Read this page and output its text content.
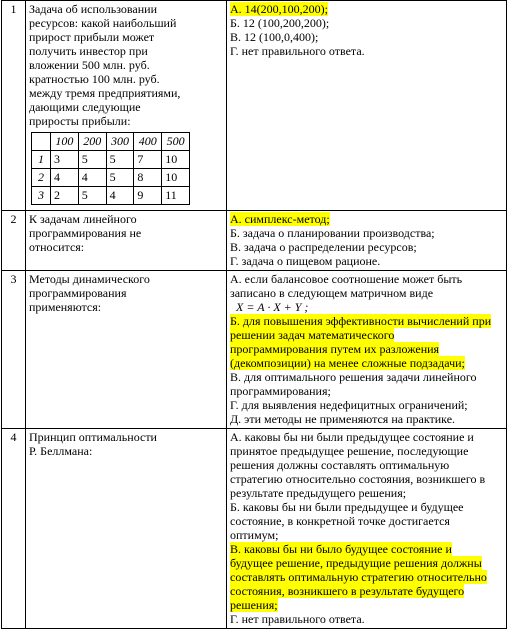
1	Задача об использовании
ресурсов: какой наибольший
прирост прибыли может
получить инвестор при
вложении 500 млн. руб.
кратностью 100 млн. руб.
между тремя предприятиями,
дающими следующие
приросты прибыли:
	100	200	300	400	500
1	3	5	5	7	10
2	4	4	5	8	10
3	2	5	4	9	11

А. 14(200,100,200);
Б. 12 (100,200,200);
В. 12 (100,0,400);
Г. нет правильного ответа.

2	К задачам линейного
программирования не
относится:

А. симплекс-метод;
Б. задача о планировании производства;
В. задача о распределении ресурсов;
Г. задача о пищевом рационе.

3	Методы динамического
программирования
применяются:

А. если балансовое соотношение может быть
записано в следующем матричном виде
X = A · X + Y ;
Б. для повышения эффективности вычислений при
решении задач математического
программирования путем их разложения
(декомпозиции) на менее сложные подзадачи;
В. для оптимального решения задачи линейного
программирования;
Г. для выявления недефицитных ограничений;
Д. эти методы не применяются на практике.

4	Принцип оптимальности
Р. Беллмана:

А. каковы бы ни были предыдущее состояние и
принятое предыдущее решение, последующие
решения должны составлять оптимальную
стратегию относительно состояния, возникшего в
результате предыдущего решения;
Б. каковы бы ни были предыдущее и будущее
состояние, в конкретной точке достигается
оптимум;
В. каковы бы ни было будущее состояние и
будущее решение, предыдущие решения должны
составлять оптимальную стратегию относительно
состояния, возникшего в результате будущего
решения;
Г. нет правильного ответа.
